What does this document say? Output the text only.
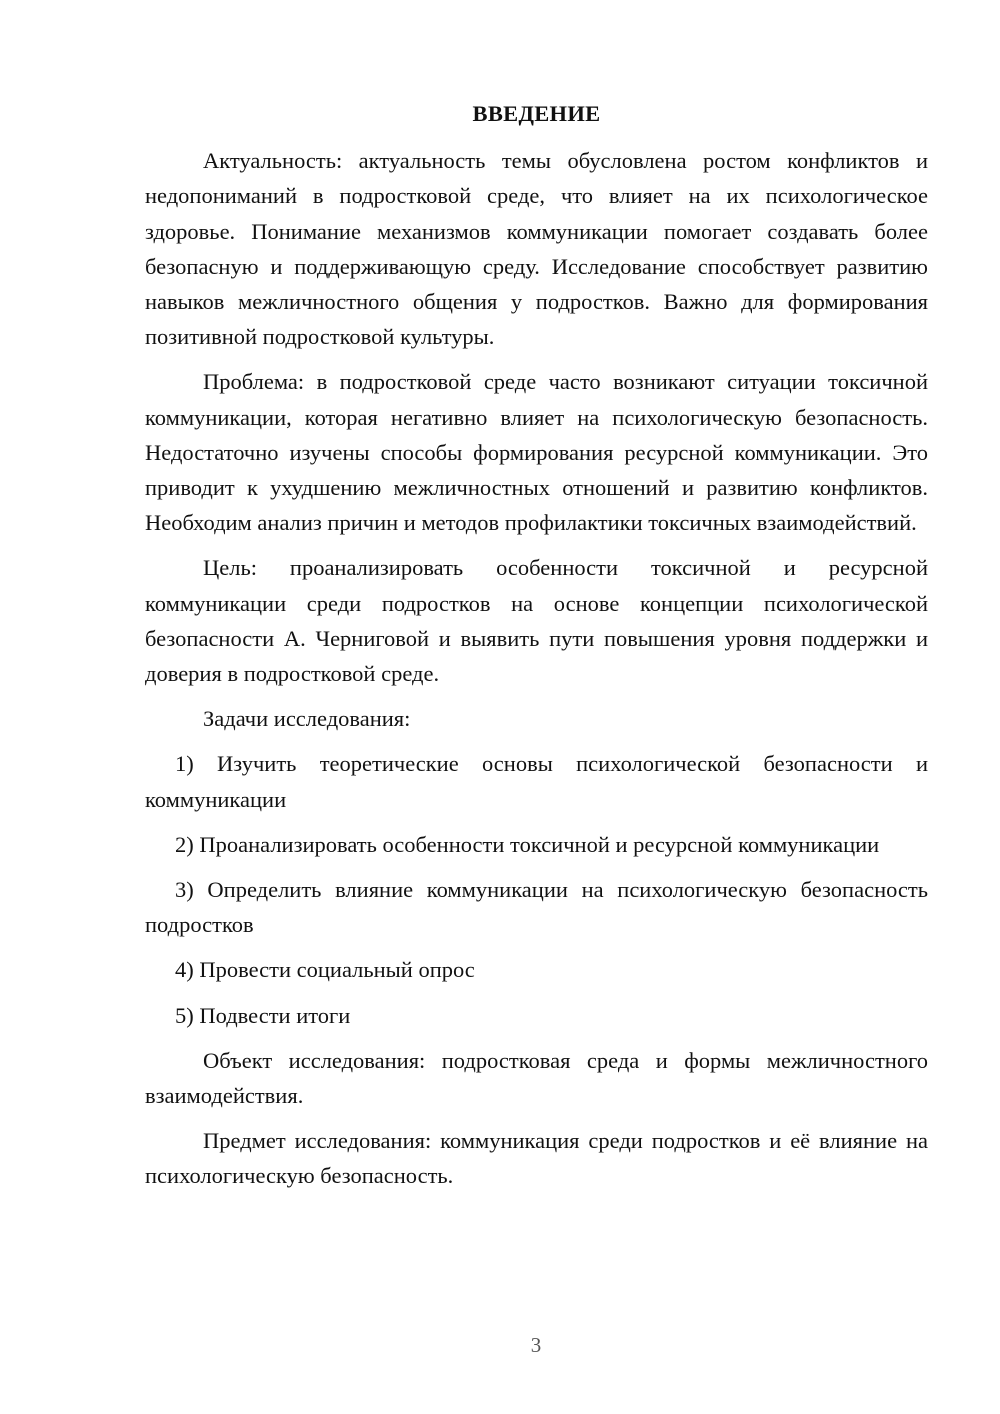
ВВЕДЕНИЕ

Актуальность: актуальность темы обусловлена ростом конфликтов и недопониманий в подростковой среде, что влияет на их психологическое здоровье. Понимание механизмов коммуникации помогает создавать более безопасную и поддерживающую среду. Исследование способствует развитию навыков межличностного общения у подростков. Важно для формирования позитивной подростковой культуры.

Проблема: в подростковой среде часто возникают ситуации токсичной коммуникации, которая негативно влияет на психологическую безопасность. Недостаточно изучены способы формирования ресурсной коммуникации. Это приводит к ухудшению межличностных отношений и развитию конфликтов. Необходим анализ причин и методов профилактики токсичных взаимодействий.

Цель: проанализировать особенности токсичной и ресурсной коммуникации среди подростков на основе концепции психологической безопасности А. Черниговой и выявить пути повышения уровня поддержки и доверия в подростковой среде.

Задачи исследования:

1) Изучить теоретические основы психологической безопасности и коммуникации

2) Проанализировать особенности токсичной и ресурсной коммуникации

3) Определить влияние коммуникации на психологическую безопасность подростков

4) Провести социальный опрос

5) Подвести итоги

Объект исследования: подростковая среда и формы межличностного взаимодействия.

Предмет исследования: коммуникация среди подростков и её влияние на психологическую безопасность.

3
